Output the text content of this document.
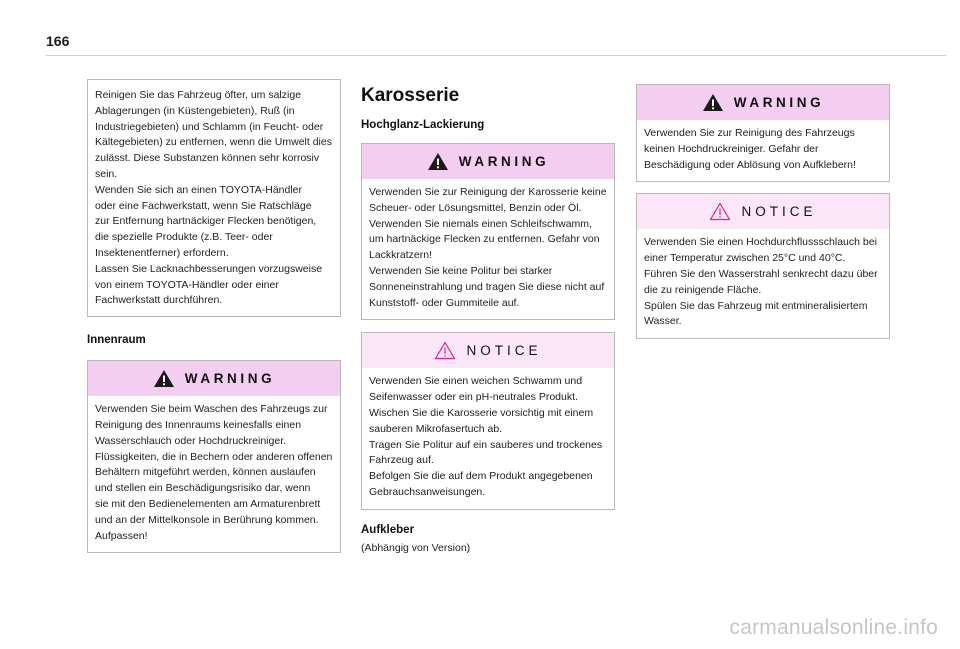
166

Reinigen Sie das Fahrzeug öfter, um salzige
Ablagerungen (in Küstengebieten), Ruß (in
Industriegebieten) und Schlamm (in Feucht- oder
Kältegebieten) zu entfernen, wenn die Umwelt dies
zulässt. Diese Substanzen können sehr korrosiv
sein.
Wenden Sie sich an einen TOYOTA-Händler
oder eine Fachwerkstatt, wenn Sie Ratschläge
zur Entfernung hartnäckiger Flecken benötigen,
die spezielle Produkte (z.B. Teer- oder
Insektenentferner) erfordern.
Lassen Sie Lacknachbesserungen vorzugsweise
von einem TOYOTA-Händler oder einer
Fachwerkstatt durchführen.

Innenraum
WARNING

Verwenden Sie beim Waschen des Fahrzeugs zur
Reinigung des Innenraums keinesfalls einen
Wasserschlauch oder Hochdruckreiniger.
Flüssigkeiten, die in Bechern oder anderen offenen
Behältern mitgeführt werden, können auslaufen
und stellen ein Beschädigungsrisiko dar, wenn
sie mit den Bedienelementen am Armaturenbrett
und an der Mittelkonsole in Berührung kommen.
Aufpassen!

Karosserie
Hochglanz-Lackierung
WARNING

Verwenden Sie zur Reinigung der Karosserie keine
Scheuer- oder Lösungsmittel, Benzin oder Öl.
Verwenden Sie niemals einen Schleifschwamm,
um hartnäckige Flecken zu entfernen. Gefahr von
Lackkratzern!
Verwenden Sie keine Politur bei starker
Sonneneinstrahlung und tragen Sie diese nicht auf
Kunststoff- oder Gummiteile auf.

NOTICE

Verwenden Sie einen weichen Schwamm und
Seifenwasser oder ein pH-neutrales Produkt.
Wischen Sie die Karosserie vorsichtig mit einem
sauberen Mikrofasertuch ab.
Tragen Sie Politur auf ein sauberes und trockenes
Fahrzeug auf.
Befolgen Sie die auf dem Produkt angegebenen
Gebrauchsanweisungen.

Aufkleber
(Abhängig von Version)
WARNING

Verwenden Sie zur Reinigung des Fahrzeugs
keinen Hochdruckreiniger. Gefahr der
Beschädigung oder Ablösung von Aufklebern!

NOTICE

Verwenden Sie einen Hochdurchflussschlauch bei
einer Temperatur zwischen 25°C und 40°C.
Führen Sie den Wasserstrahl senkrecht dazu über
die zu reinigende Fläche.
Spülen Sie das Fahrzeug mit entmineralisiertem
Wasser.

carmanualsonline.info
